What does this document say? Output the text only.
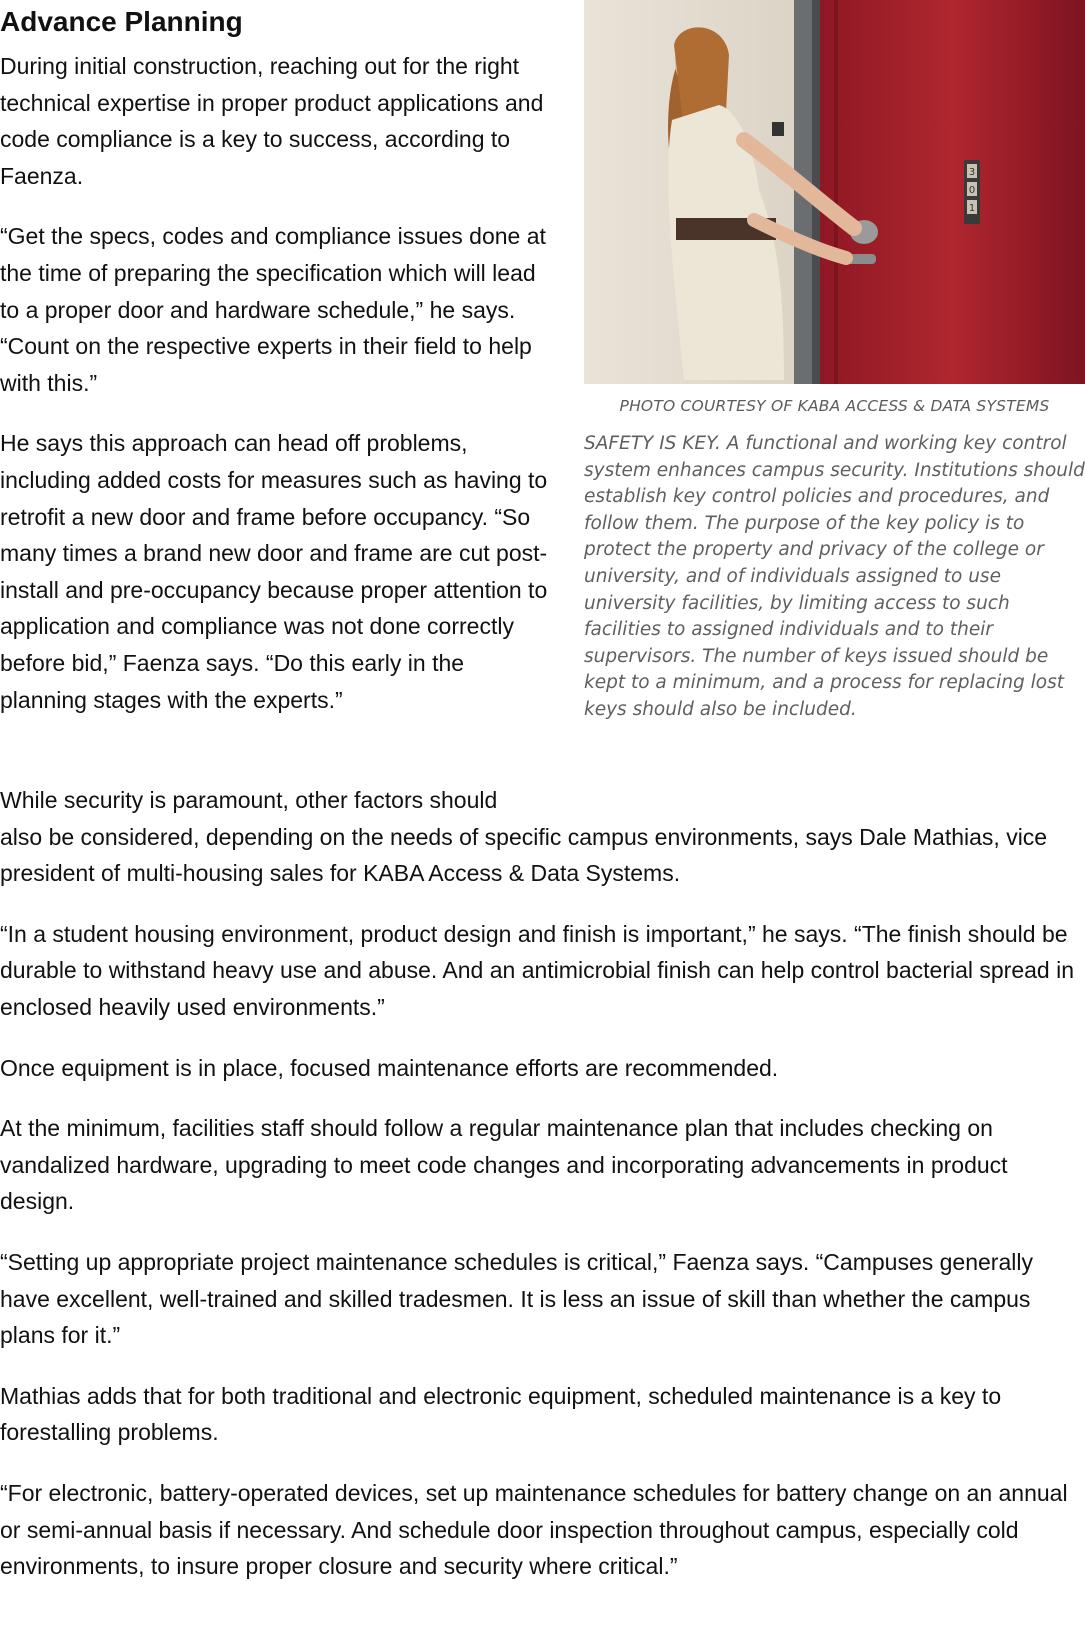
Advance Planning

During initial construction, reaching out for the right technical expertise in proper product applications and code compliance is a key to success, according to Faenza.

“Get the specs, codes and compliance issues done at the time of preparing the specification which will lead to a proper door and hardware schedule,” he says. “Count on the respective experts in their field to help with this.”

He says this approach can head off problems, including added costs for measures such as having to retrofit a new door and frame before occupancy. “So many times a brand new door and frame are cut post-install and pre-occupancy because proper attention to application and compliance was not done correctly before bid,” Faenza says. “Do this early in the planning stages with the experts.”

3
0
1

PHOTO COURTESY OF KABA ACCESS & DATA SYSTEMS

SAFETY IS KEY. A functional and working key control system enhances campus security. Institutions should establish key control policies and procedures, and follow them. The purpose of the key policy is to protect the property and privacy of the college or university, and of individuals assigned to use university facilities, by limiting access to such facilities to assigned individuals and to their supervisors. The number of keys issued should be kept to a minimum, and a process for replacing lost keys should also be included.

While security is paramount, other factors should
also be considered, depending on the needs of specific campus environments, says Dale Mathias, vice president of multi-housing sales for KABA Access & Data Systems.

“In a student housing environment, product design and finish is important,” he says. “The finish should be durable to withstand heavy use and abuse. And an antimicrobial finish can help control bacterial spread in enclosed heavily used environments.”

Once equipment is in place, focused maintenance efforts are recommended.

At the minimum, facilities staff should follow a regular maintenance plan that includes checking on vandalized hardware, upgrading to meet code changes and incorporating advancements in product design.

“Setting up appropriate project maintenance schedules is critical,” Faenza says. “Campuses generally
have excellent, well-trained and skilled tradesmen. It is less an issue of skill than whether the campus plans for it.”

Mathias adds that for both traditional and electronic equipment, scheduled maintenance is a key to forestalling problems.

“For electronic, battery-operated devices, set up maintenance schedules for battery change on an annual or semi-annual basis if necessary. And schedule door inspection throughout campus, especially cold environments, to insure proper closure and security where critical.”
